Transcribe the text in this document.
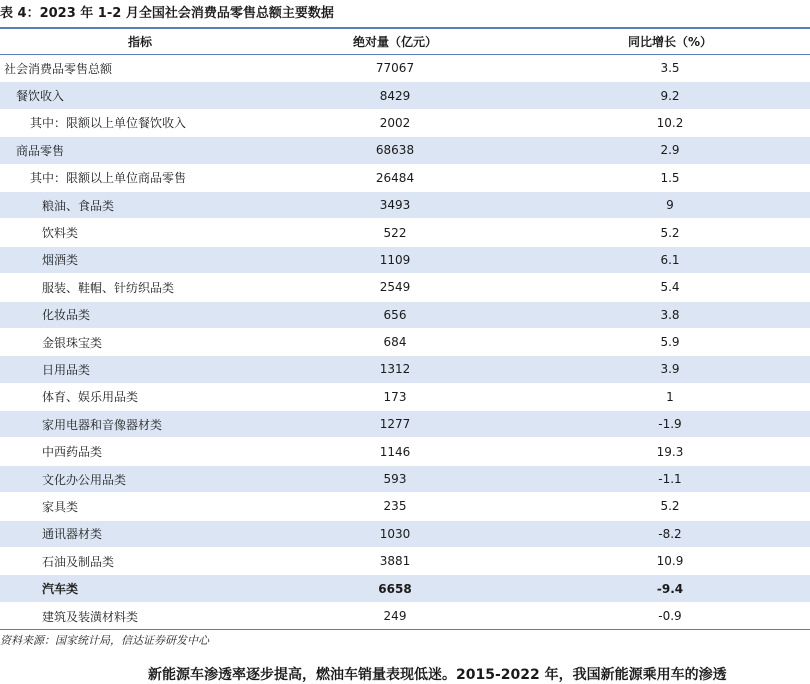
表 4：2023 年 1-2 月全国社会消费品零售总额主要数据
指标	绝对量（亿元）	同比增长（%）
社会消费品零售总额	77067	3.5
餐饮收入	8429	9.2
其中：限额以上单位餐饮收入	2002	10.2
商品零售	68638	2.9
其中：限额以上单位商品零售	26484	1.5
粮油、食品类	3493	9
饮料类	522	5.2
烟酒类	1109	6.1
服装、鞋帽、针纺织品类	2549	5.4
化妆品类	656	3.8
金银珠宝类	684	5.9
日用品类	1312	3.9
体育、娱乐用品类	173	1
家用电器和音像器材类	1277	-1.9
中西药品类	1146	19.3
文化办公用品类	593	-1.1
家具类	235	5.2
通讯器材类	1030	-8.2
石油及制品类	3881	10.9
汽车类	6658	-9.4
建筑及装潢材料类	249	-0.9
资料来源：国家统计局，信达证券研发中心
新能源车渗透率逐步提高，燃油车销量表现低迷。2015-2022 年，我国新能源乘用车的渗透
